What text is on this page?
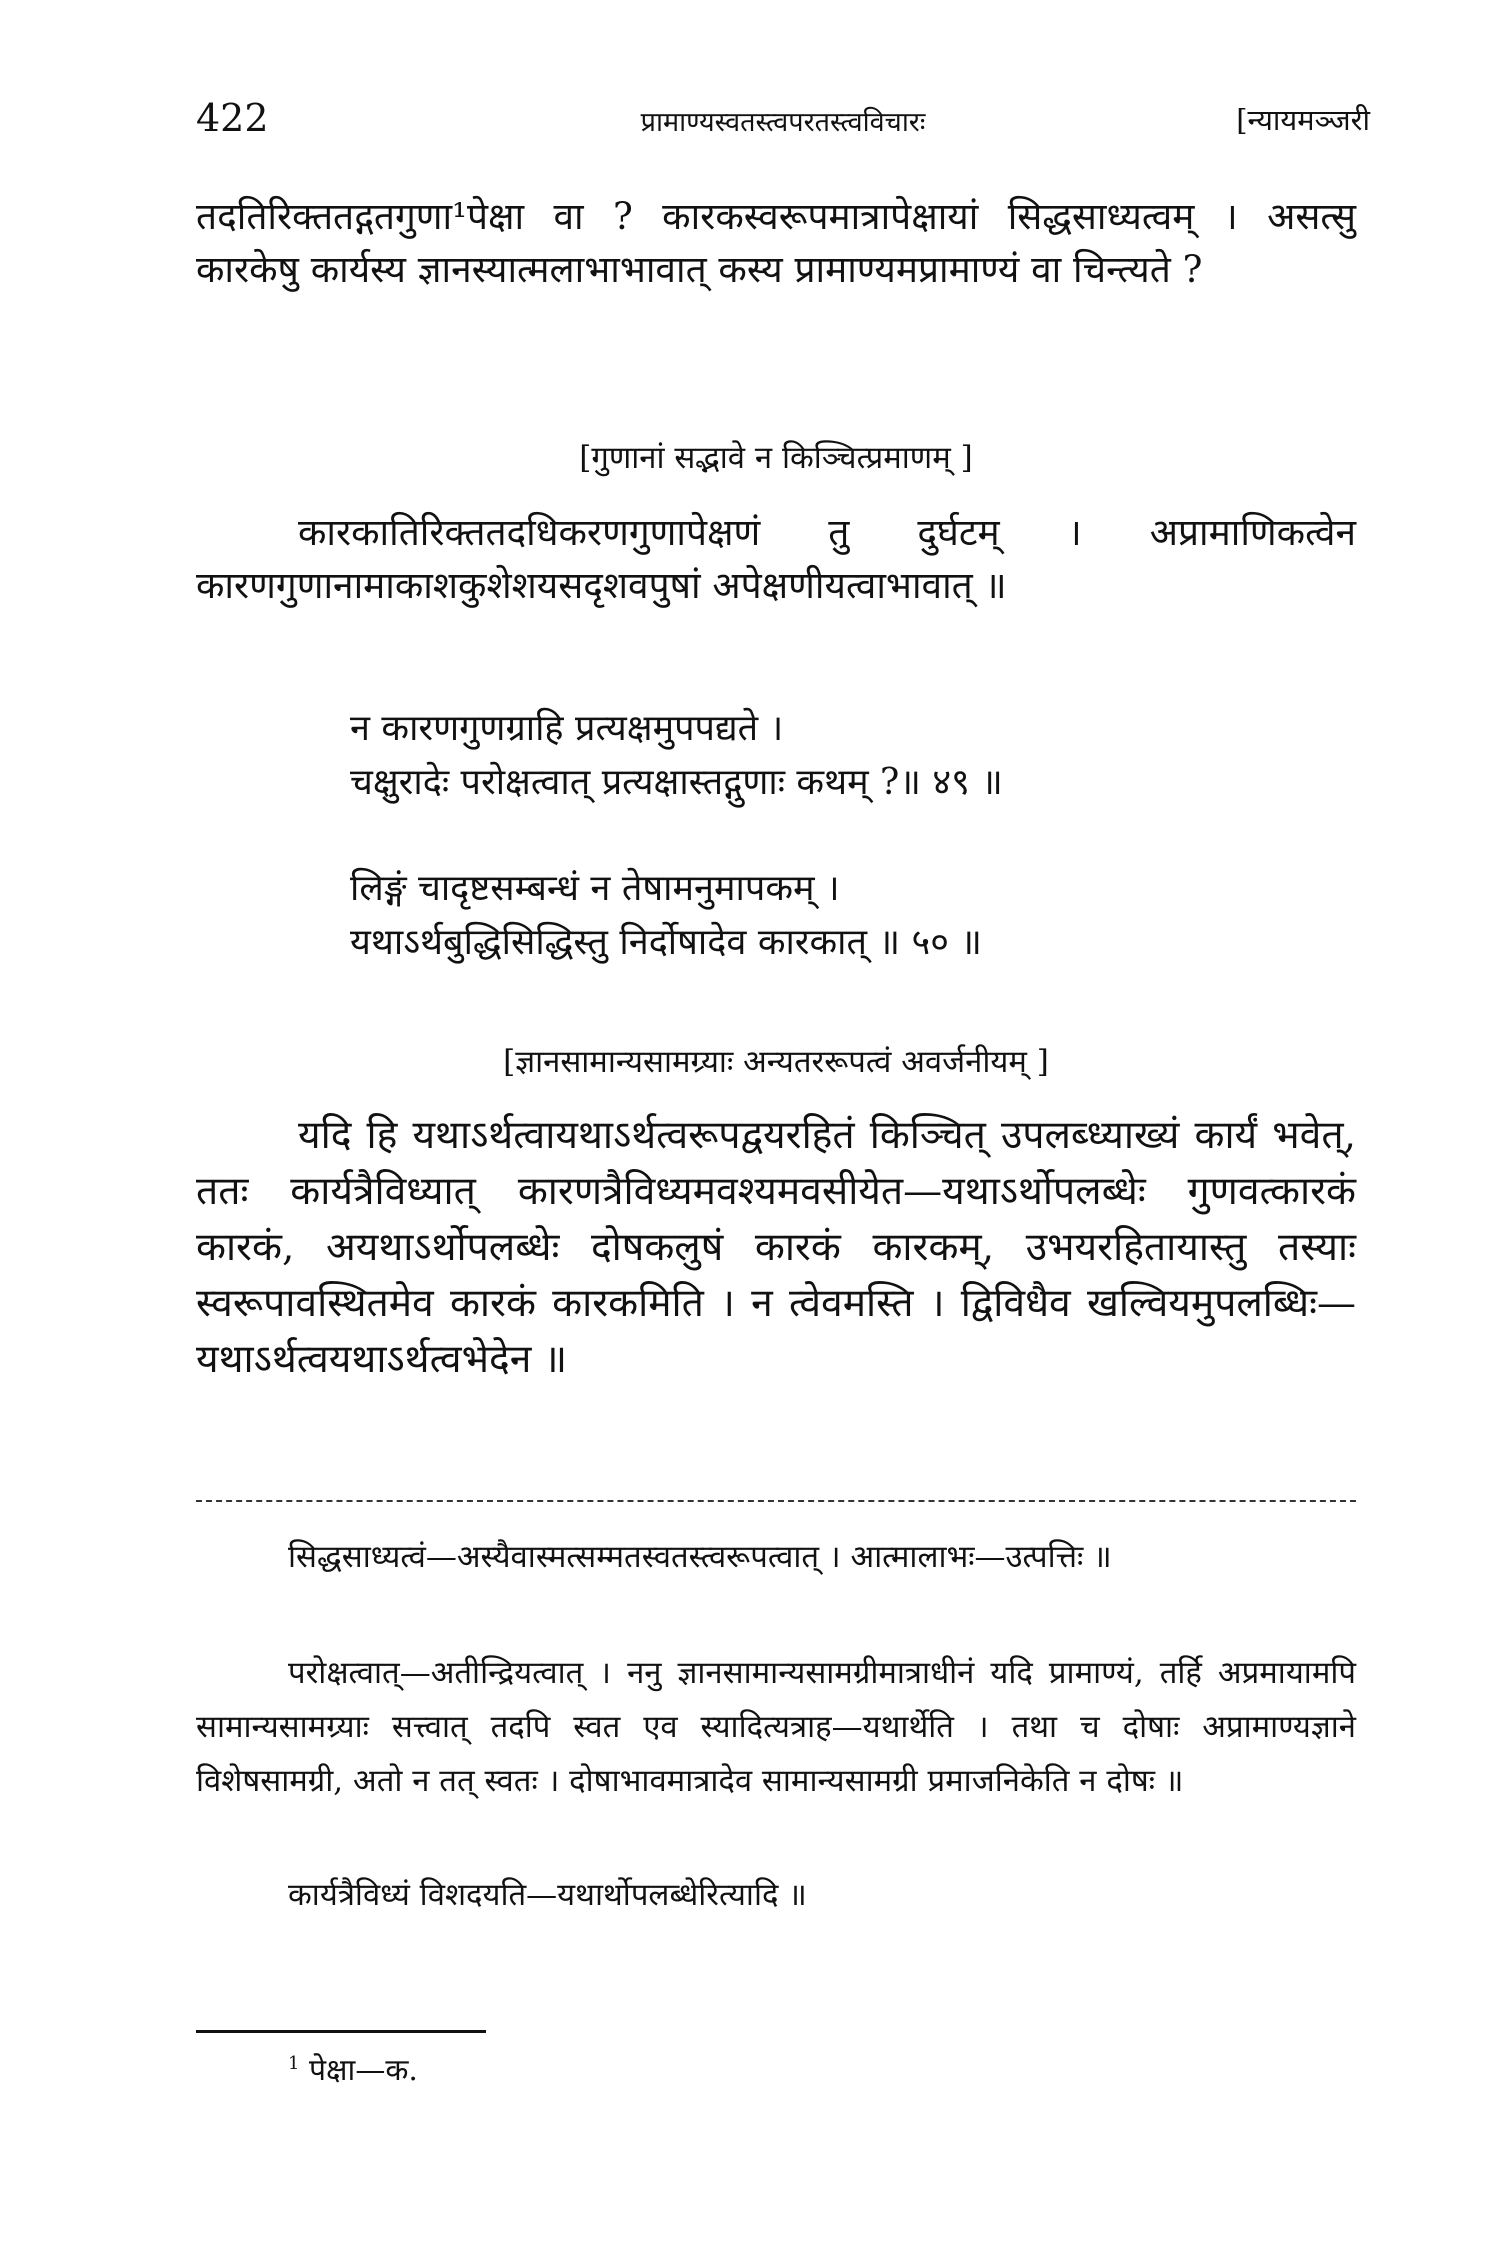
422	प्रामाण्यस्वतस्त्वपरतस्त्वविचारः	[न्यायमञ्जरी
तदतिरिक्ततद्गतगुणा¹पेक्षा वा ? कारकस्वरूपमात्रापेक्षायां सिद्धसाध्यत्वम् । असत्सु कारकेषु कार्यस्य ज्ञानस्यात्मलाभाभावात् कस्य प्रामाण्यमप्रामाण्यं वा चिन्त्यते ?
[गुणानां सद्भावे न किञ्चित्प्रमाणम् ]
कारकातिरिक्ततदधिकरणगुणापेक्षणं तु दुर्घटम् । अप्रामाणिकत्वेन कारणगुणानामाकाशकुशेशयसदृशवपुषां अपेक्षणीयत्वाभावात् ॥
न कारणगुणग्राहि प्रत्यक्षमुपपद्यते ।
चक्षुरादेः परोक्षत्वात् प्रत्यक्षास्तद्गुणाः कथम् ?॥ ४९ ॥
लिङ्गं चादृष्टसम्बन्धं न तेषामनुमापकम् ।
यथाऽर्थबुद्धिसिद्धिस्तु निर्दोषादेव कारकात् ॥ ५० ॥
[ज्ञानसामान्यसामग्र्याः अन्यतररूपत्वं अवर्जनीयम् ]
यदि हि यथाऽर्थत्वायथाऽर्थत्वरूपद्वयरहितं किञ्चित् उपलब्ध्याख्यं कार्यं भवेत्, ततः कार्यत्रैविध्यात् कारणत्रैविध्यमवश्यमवसीयेत—यथाऽर्थोपलब्धेः गुणवत्कारकं कारकं, अयथाऽर्थोपलब्धेः दोषकलुषं कारकं कारकम्, उभयरहितायास्तु तस्याः स्वरूपावस्थितमेव कारकं कारकमिति । न त्वेवमस्ति । द्विविधैव खल्वियमुपलब्धिः—यथाऽर्थत्वयथाऽर्थत्वभेदेन ॥
सिद्धसाध्यत्वं—अस्यैवास्मत्सम्मतस्वतस्त्वरूपत्वात् । आत्मालाभः—उत्पत्तिः ॥
परोक्षत्वात्—अतीन्द्रियत्वात् । ननु ज्ञानसामान्यसामग्रीमात्राधीनं यदि प्रामाण्यं, तर्हि अप्रमायामपि सामान्यसामग्र्याः सत्त्वात् तदपि स्वत एव स्यादित्यत्राह—यथार्थेति । तथा च दोषाः अप्रामाण्यज्ञाने विशेषसामग्री, अतो न तत् स्वतः । दोषाभावमात्रादेव सामान्यसामग्री प्रमाजनिकेति न दोषः ॥
कार्यत्रैविध्यं विशदयति—यथार्थोपलब्धेरित्यादि ॥
$^1$ पेक्षा—क.
